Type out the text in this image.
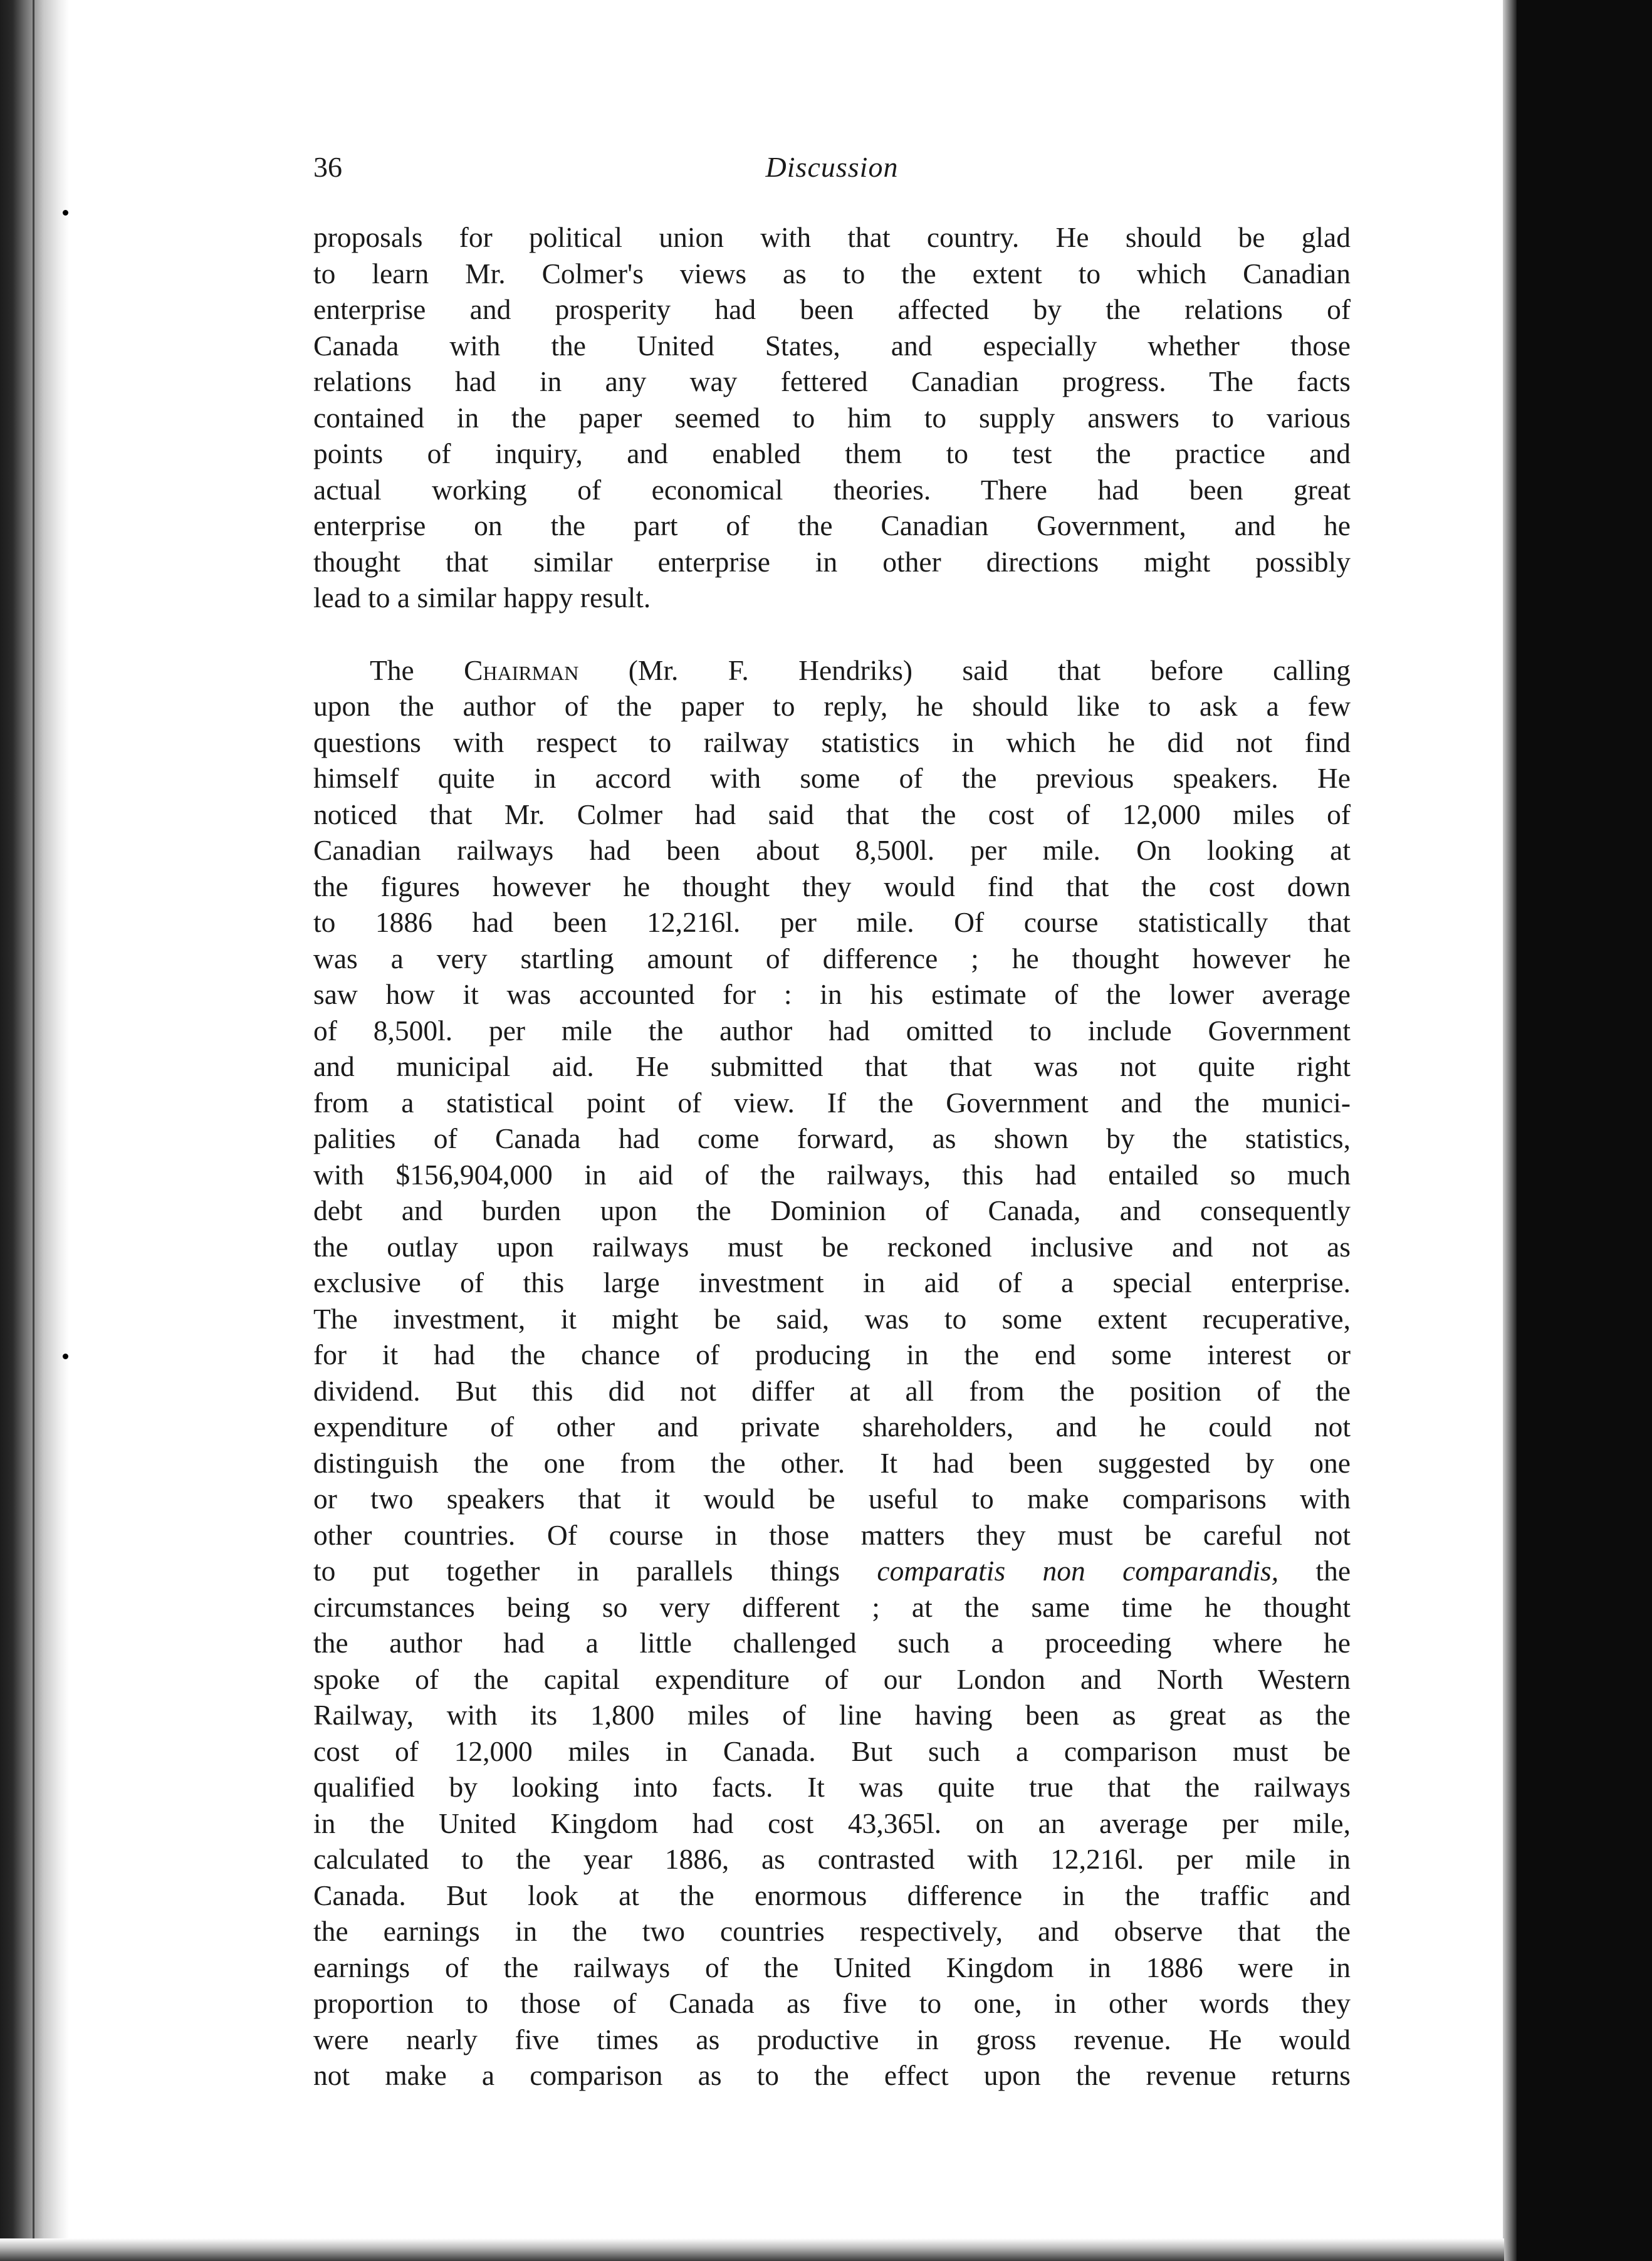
36	Discussion
proposals for political union with that country. He should be glad
to learn Mr. Colmer's views as to the extent to which Canadian
enterprise and prosperity had been affected by the relations of
Canada with the United States, and especially whether those
relations had in any way fettered Canadian progress. The facts
contained in the paper seemed to him to supply answers to various
points of inquiry, and enabled them to test the practice and
actual working of economical theories. There had been great
enterprise on the part of the Canadian Government, and he
thought that similar enterprise in other directions might possibly
lead to a similar happy result.
The Chairman (Mr. F. Hendriks) said that before calling
upon the author of the paper to reply, he should like to ask a few
questions with respect to railway statistics in which he did not find
himself quite in accord with some of the previous speakers. He
noticed that Mr. Colmer had said that the cost of 12,000 miles of
Canadian railways had been about 8,500l. per mile. On looking at
the figures however he thought they would find that the cost down
to 1886 had been 12,216l. per mile. Of course statistically that
was a very startling amount of difference ; he thought however he
saw how it was accounted for : in his estimate of the lower average
of 8,500l. per mile the author had omitted to include Government
and municipal aid. He submitted that that was not quite right
from a statistical point of view. If the Government and the munici-
palities of Canada had come forward, as shown by the statistics,
with $156,904,000 in aid of the railways, this had entailed so much
debt and burden upon the Dominion of Canada, and consequently
the outlay upon railways must be reckoned inclusive and not as
exclusive of this large investment in aid of a special enterprise.
The investment, it might be said, was to some extent recuperative,
for it had the chance of producing in the end some interest or
dividend. But this did not differ at all from the position of the
expenditure of other and private shareholders, and he could not
distinguish the one from the other. It had been suggested by one
or two speakers that it would be useful to make comparisons with
other countries. Of course in those matters they must be careful not
to put together in parallels things comparatis non comparandis, the
circumstances being so very different ; at the same time he thought
the author had a little challenged such a proceeding where he
spoke of the capital expenditure of our London and North Western
Railway, with its 1,800 miles of line having been as great as the
cost of 12,000 miles in Canada. But such a comparison must be
qualified by looking into facts. It was quite true that the railways
in the United Kingdom had cost 43,365l. on an average per mile,
calculated to the year 1886, as contrasted with 12,216l. per mile in
Canada. But look at the enormous difference in the traffic and
the earnings in the two countries respectively, and observe that the
earnings of the railways of the United Kingdom in 1886 were in
proportion to those of Canada as five to one, in other words they
were nearly five times as productive in gross revenue. He would
not make a comparison as to the effect upon the revenue returns
